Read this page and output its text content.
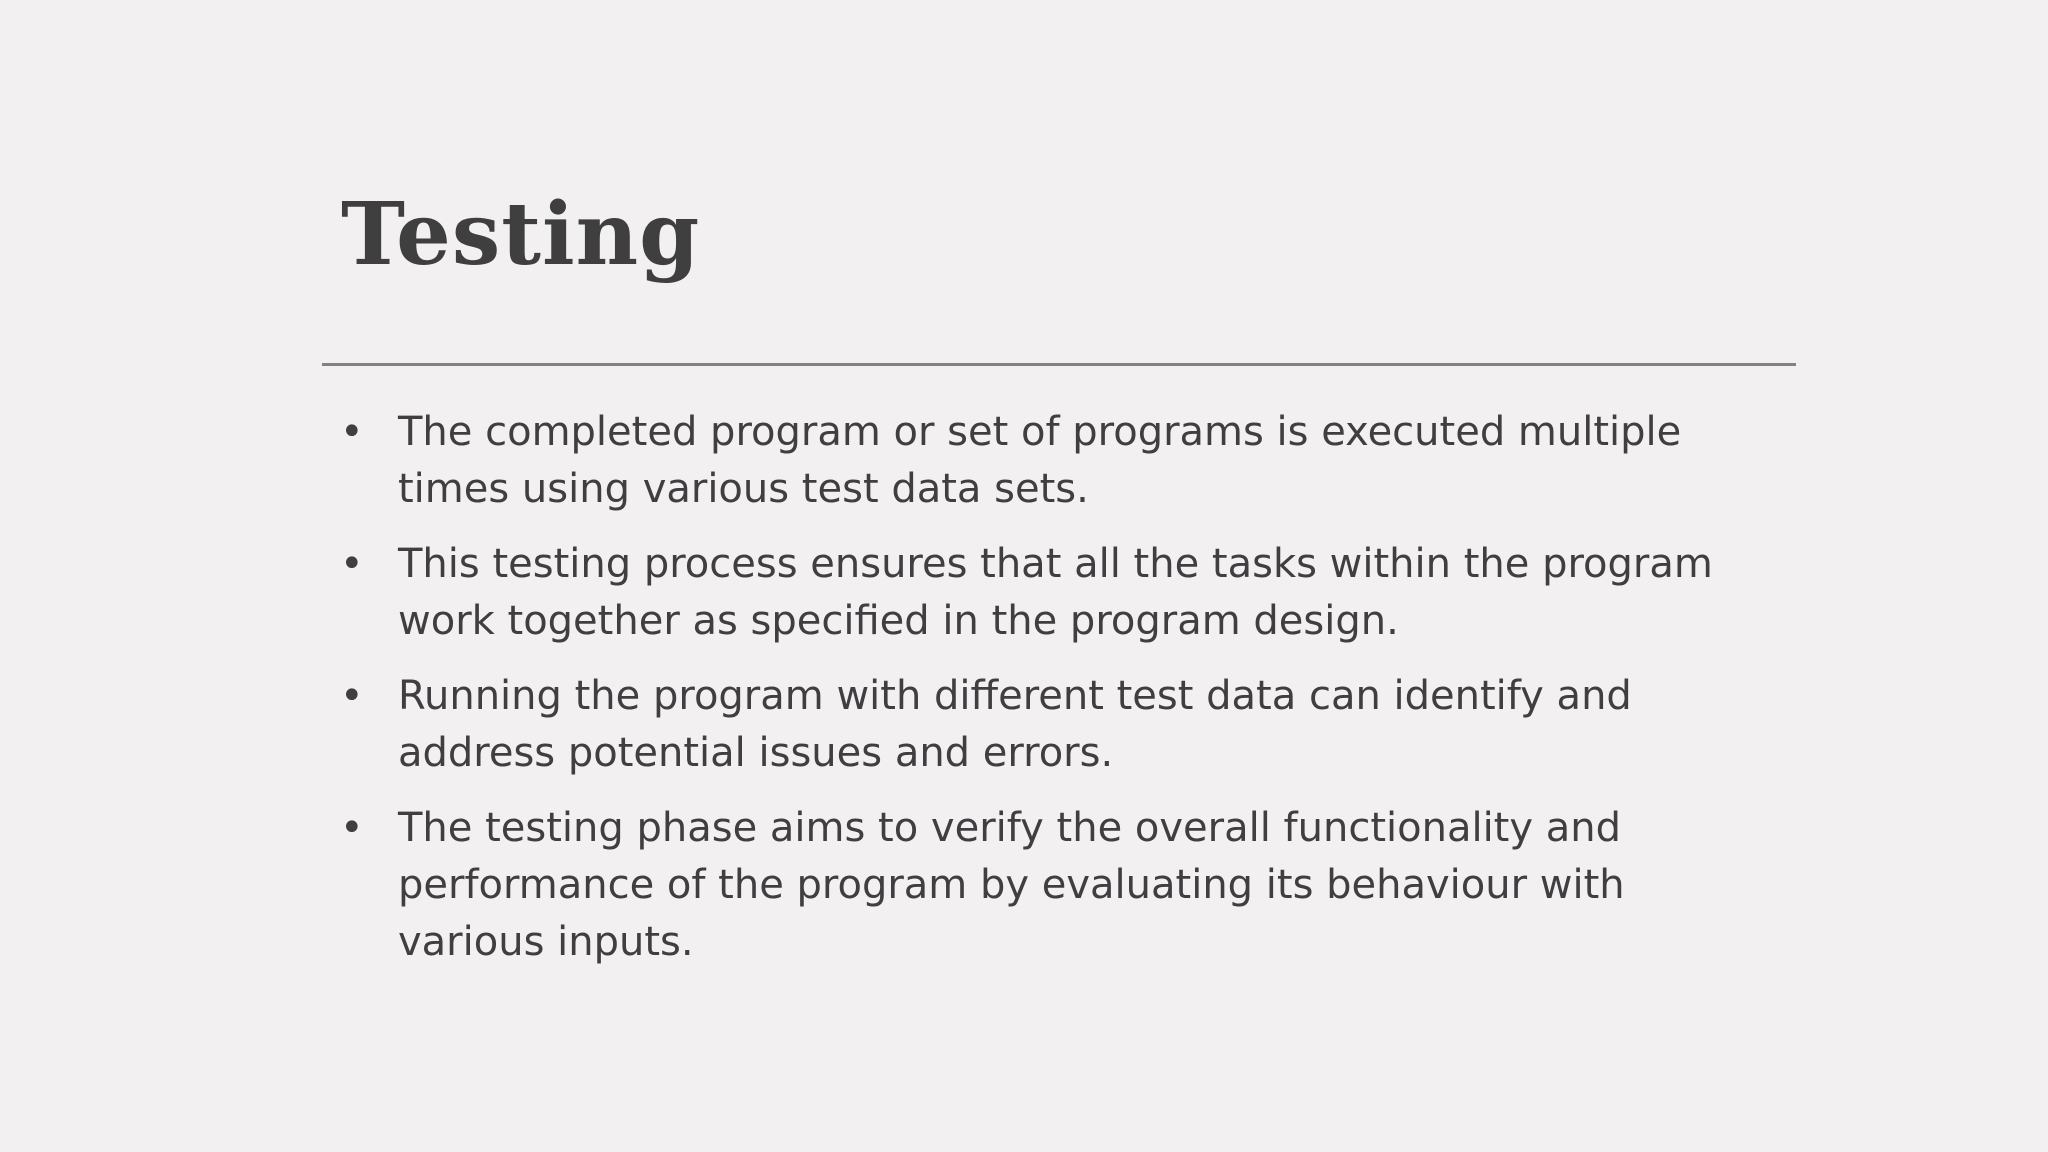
Testing
• The completed program or set of programs is executed multiple times using various test data sets.
• This testing process ensures that all the tasks within the program work together as specified in the program design.
• Running the program with different test data can identify and address potential issues and errors.
• The testing phase aims to verify the overall functionality and performance of the program by evaluating its behaviour with various inputs.
